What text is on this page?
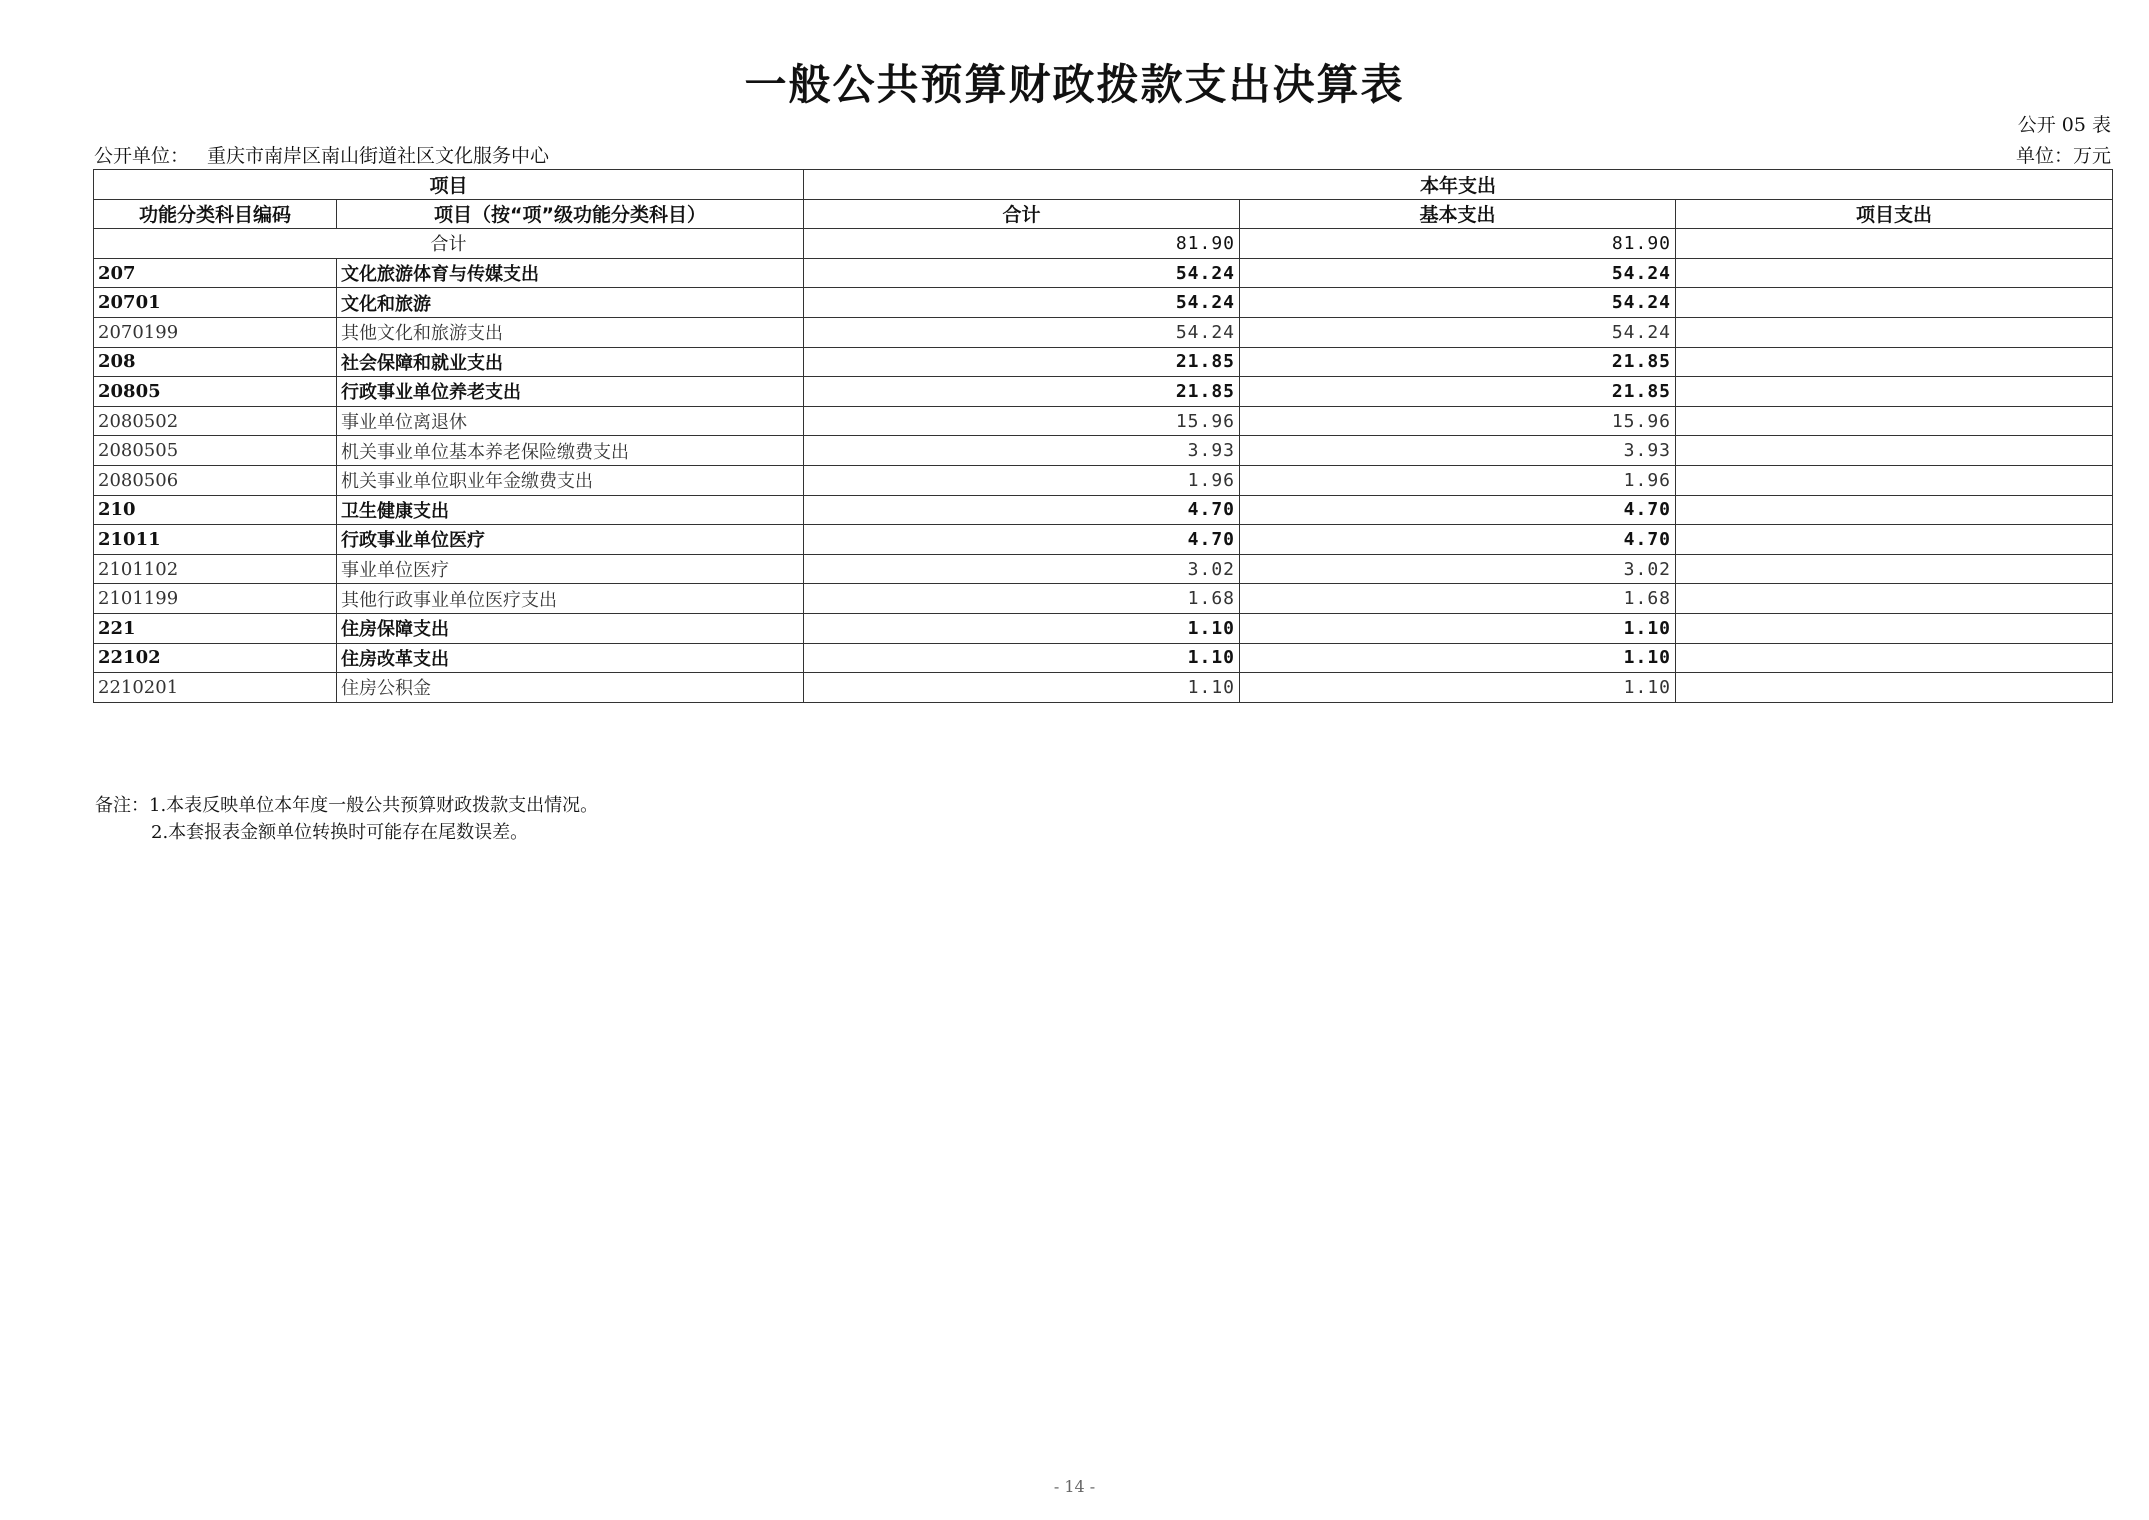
一般公共预算财政拨款支出决算表
公开 05 表
公开单位： 重庆市南岸区南山街道社区文化服务中心	单位：万元
项目		本年支出		
功能分类科目编码	项目（按“项”级功能分类科目）	合计	基本支出	项目支出
合计		81.90	81.90	
207	文化旅游体育与传媒支出	54.24	54.24	
20701	文化和旅游	54.24	54.24	
2070199	其他文化和旅游支出	54.24	54.24	
208	社会保障和就业支出	21.85	21.85	
20805	行政事业单位养老支出	21.85	21.85	
2080502	事业单位离退休	15.96	15.96	
2080505	机关事业单位基本养老保险缴费支出	3.93	3.93	
2080506	机关事业单位职业年金缴费支出	1.96	1.96	
210	卫生健康支出	4.70	4.70	
21011	行政事业单位医疗	4.70	4.70	
2101102	事业单位医疗	3.02	3.02	
2101199	其他行政事业单位医疗支出	1.68	1.68	
221	住房保障支出	1.10	1.10	
22102	住房改革支出	1.10	1.10	
2210201	住房公积金	1.10	1.10	
备注：1.本表反映单位本年度一般公共预算财政拨款支出情况。
2.本套报表金额单位转换时可能存在尾数误差。
- 14 -
